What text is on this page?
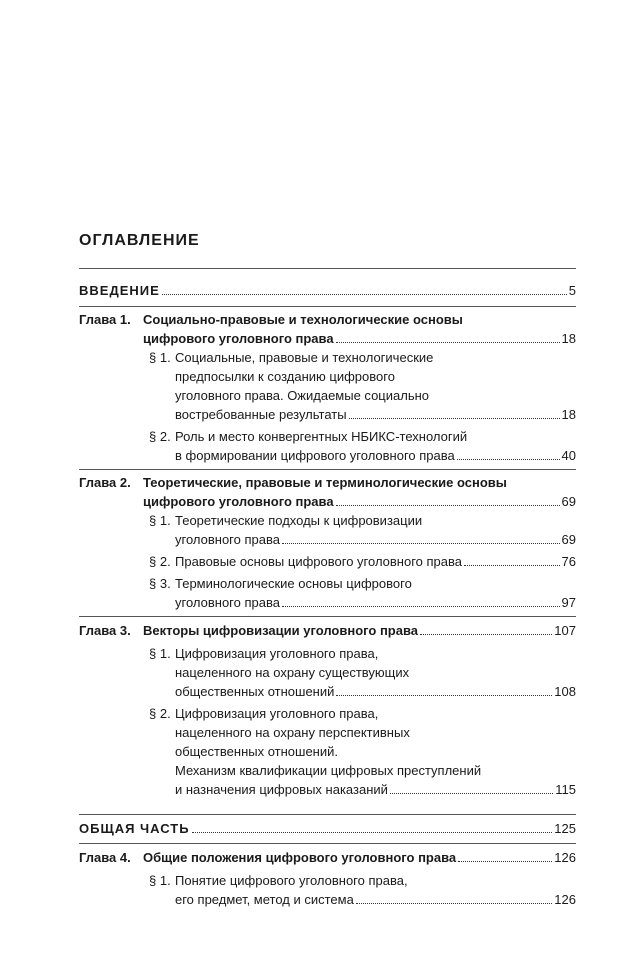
ОГЛАВЛЕНИЕ
ВВЕДЕНИЕ	5
Глава 1. Социально-правовые и технологические основы
цифрового уголовного права	18
§ 1. Социальные, правовые и технологические
предпосылки к созданию цифрового
уголовного права. Ожидаемые социально
востребованные результаты	18
§ 2. Роль и место конвергентных НБИКС-технологий
в формировании цифрового уголовного права	40
Глава 2. Теоретические, правовые и терминологические основы
цифрового уголовного права	69
§ 1. Теоретические подходы к цифровизации
уголовного права	69
§ 2. Правовые основы цифрового уголовного права	76
§ 3. Терминологические основы цифрового
уголовного права	97
Глава 3. Векторы цифровизации уголовного права	107
§ 1. Цифровизация уголовного права,
нацеленного на охрану существующих
общественных отношений	108
§ 2. Цифровизация уголовного права,
нацеленного на охрану перспективных
общественных отношений.
Механизм квалификации цифровых преступлений
и назначения цифровых наказаний	115
ОБЩАЯ ЧАСТЬ	125
Глава 4. Общие положения цифрового уголовного права	126
§ 1. Понятие цифрового уголовного права,
его предмет, метод и система	126
